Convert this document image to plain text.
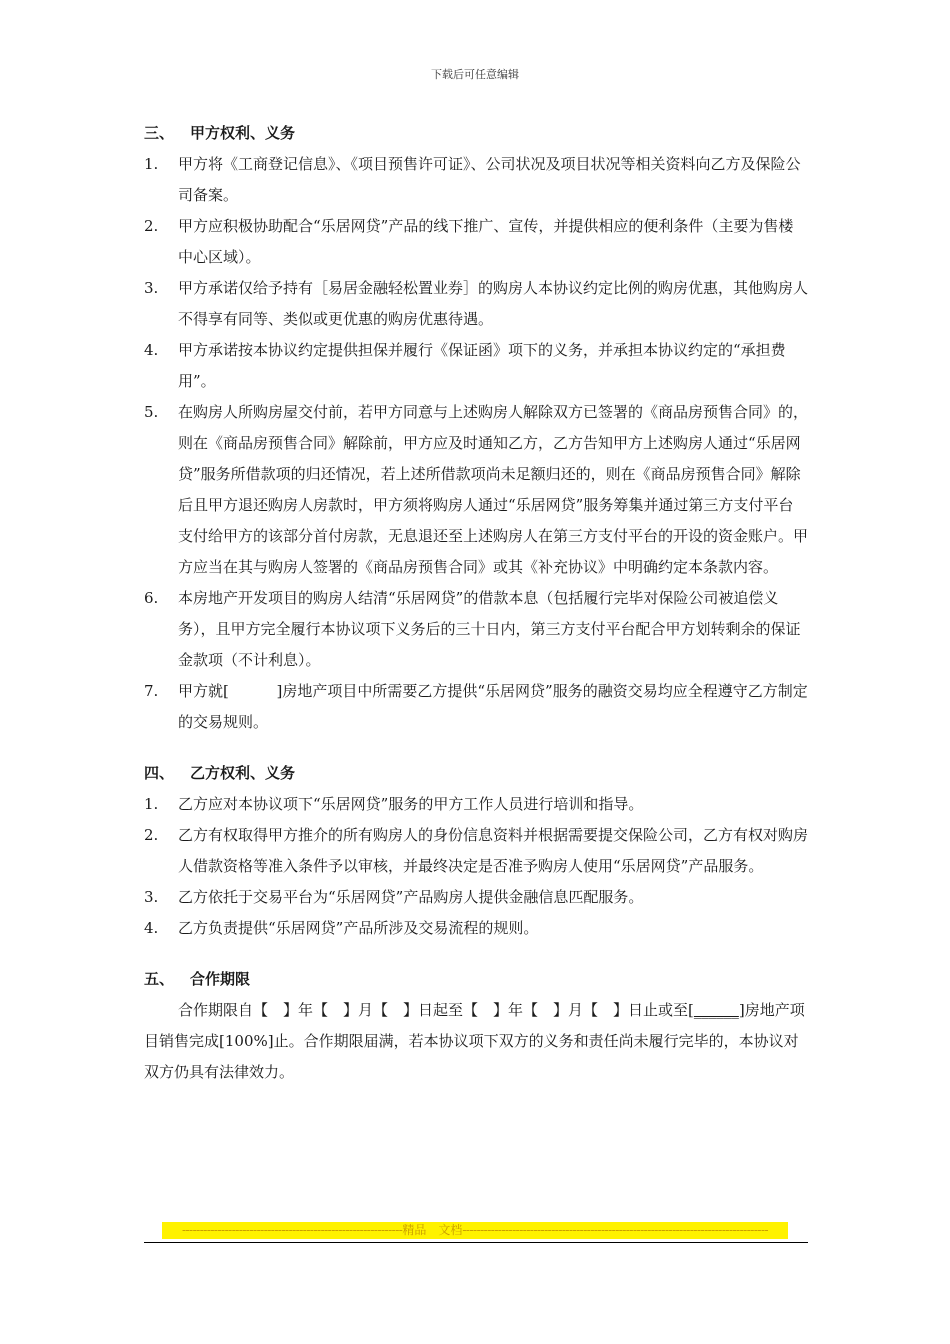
下载后可任意编辑
三、 甲方权利、义务
1. 甲方将《工商登记信息》、《项目预售许可证》、公司状况及项目状况等相关资料向乙方及保险公司备案。
2. 甲方应积极协助配合“乐居网贷”产品的线下推广、宣传，并提供相应的便利条件（主要为售楼中心区域）。
3. 甲方承诺仅给予持有［易居金融轻松置业券］的购房人本协议约定比例的购房优惠，其他购房人不得享有同等、类似或更优惠的购房优惠待遇。
4. 甲方承诺按本协议约定提供担保并履行《保证函》项下的义务，并承担本协议约定的“承担费用”。
5. 在购房人所购房屋交付前，若甲方同意与上述购房人解除双方已签署的《商品房预售合同》的，则在《商品房预售合同》解除前，甲方应及时通知乙方，乙方告知甲方上述购房人通过“乐居网贷”服务所借款项的归还情况，若上述所借款项尚未足额归还的，则在《商品房预售合同》解除后且甲方退还购房人房款时，甲方须将购房人通过“乐居网贷”服务筹集并通过第三方支付平台支付给甲方的该部分首付房款，无息退还至上述购房人在第三方支付平台的开设的资金账户。甲方应当在其与购房人签署的《商品房预售合同》或其《补充协议》中明确约定本条款内容。
6. 本房地产开发项目的购房人结清“乐居网贷”的借款本息（包括履行完毕对保险公司被追偿义务），且甲方完全履行本协议项下义务后的三十日内，第三方支付平台配合甲方划转剩余的保证金款项（不计利息）。
7. 甲方就[          ]房地产项目中所需要乙方提供“乐居网贷”服务的融资交易均应全程遵守乙方制定的交易规则。
四、 乙方权利、义务
1. 乙方应对本协议项下“乐居网贷”服务的甲方工作人员进行培训和指导。
2. 乙方有权取得甲方推介的所有购房人的身份信息资料并根据需要提交保险公司，乙方有权对购房人借款资格等准入条件予以审核，并最终决定是否准予购房人使用“乐居网贷”产品服务。
3. 乙方依托于交易平台为“乐居网贷”产品购房人提供金融信息匹配服务。
4. 乙方负责提供“乐居网贷”产品所涉及交易流程的规则。
五、 合作期限
合作期限自【　】年【　】月【　】日起至【　】年【　】月【　】日止或至[______]房地产项目销售完成[100%]止。合作期限届满，若本协议项下双方的义务和责任尚未履行完毕的，本协议对双方仍具有法律效力。
--------------------------------------------------------------精品　文档--------------------------------------------------------------------------------------
